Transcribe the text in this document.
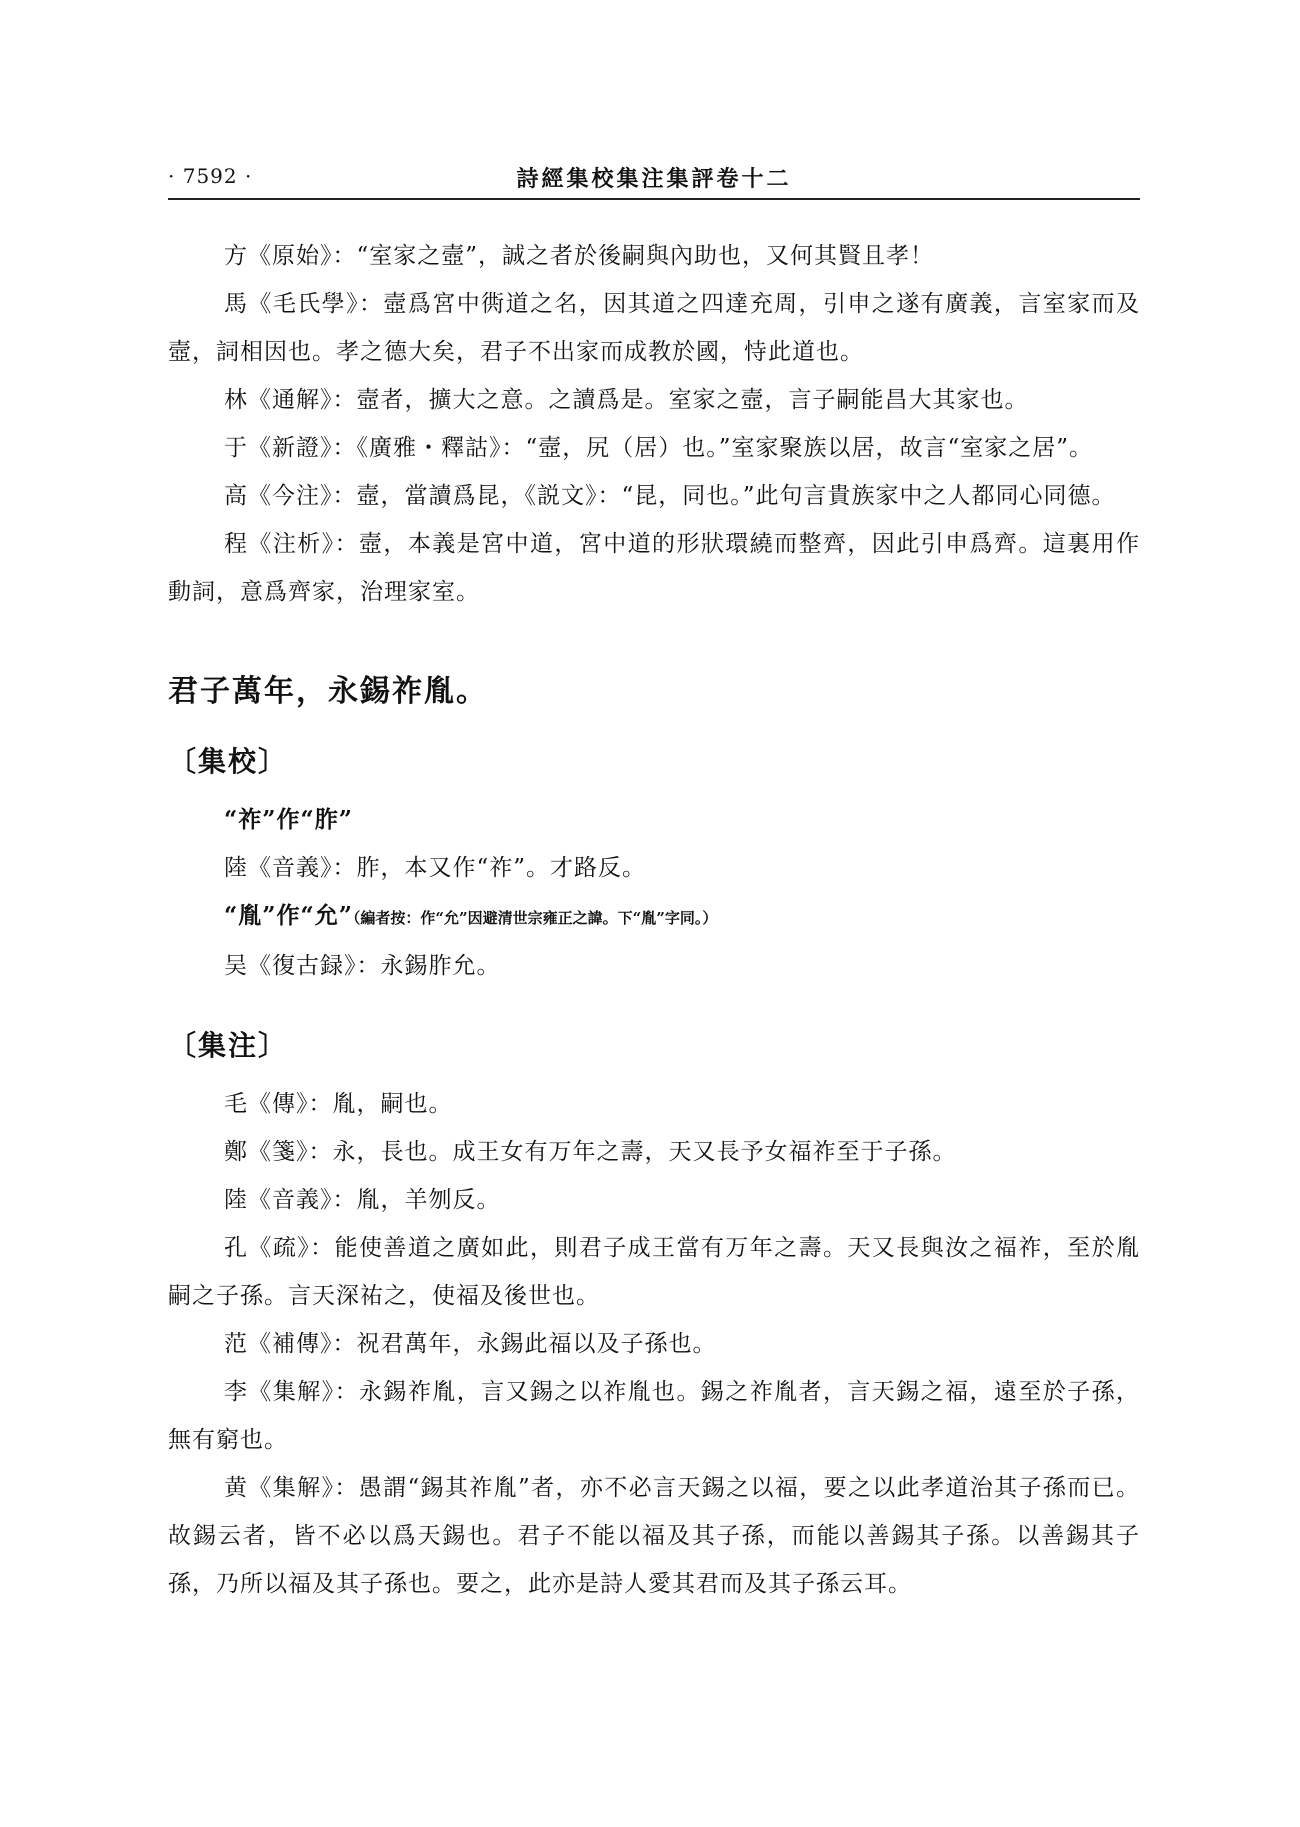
· 7592 ·	詩經集校集注集評卷十二

方《原始》：“室家之壼”，誠之者於後嗣與內助也，又何其賢且孝！

馬《毛氏學》：壼爲宮中衖道之名，因其道之四達充周，引申之遂有廣義，言室家而及壼，詞相因也。孝之德大矣，君子不出家而成教於國，恃此道也。

林《通解》：壼者，擴大之意。之讀爲是。室家之壼，言子嗣能昌大其家也。

于《新證》：《廣雅・釋詁》：“壼，尻（居）也。”室家聚族以居，故言“室家之居”。

高《今注》：壼，當讀爲昆，《説文》：“昆，同也。”此句言貴族家中之人都同心同德。

程《注析》：壼，本義是宮中道，宮中道的形狀環繞而整齊，因此引申爲齊。這裏用作動詞，意爲齊家，治理家室。

君子萬年，永錫祚胤。
〔集校〕

“祚”作“胙”

陸《音義》：胙，本又作“祚”。才路反。

“胤”作“允”（編者按：作“允”因避清世宗雍正之諱。下“胤”字同。）

吴《復古録》：永錫胙允。

〔集注〕

毛《傳》：胤，嗣也。

鄭《箋》：永，長也。成王女有万年之壽，天又長予女福祚至于子孫。

陸《音義》：胤，羊刎反。

孔《疏》：能使善道之廣如此，則君子成王當有万年之壽。天又長與汝之福祚，至於胤嗣之子孫。言天深祐之，使福及後世也。

范《補傳》：祝君萬年，永錫此福以及子孫也。

李《集解》：永錫祚胤，言又錫之以祚胤也。錫之祚胤者，言天錫之福，遠至於子孫，無有窮也。

黄《集解》：愚謂“錫其祚胤”者，亦不必言天錫之以福，要之以此孝道治其子孫而已。故錫云者，皆不必以爲天錫也。君子不能以福及其子孫，而能以善錫其子孫。以善錫其子孫，乃所以福及其子孫也。要之，此亦是詩人愛其君而及其子孫云耳。
